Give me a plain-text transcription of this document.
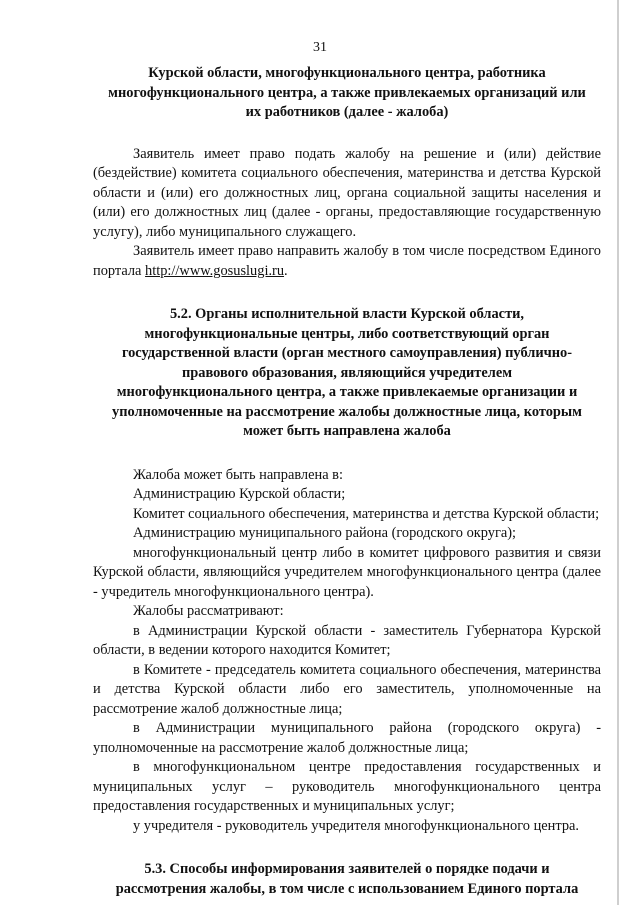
31
Курской области, многофункционального центра, работника
многофункционального центра, а также привлекаемых организаций или
их работников (далее - жалоба)

Заявитель имеет право подать жалобу на решение и (или) действие (бездействие) комитета социального обеспечения, материнства и детства Курской области и (или) его должностных лиц, органа социальной защиты населения и (или) его должностных лиц (далее - органы, предоставляющие государственную услугу), либо муниципального служащего.

Заявитель имеет право направить жалобу в том числе посредством Единого портала http://www.gosuslugi.ru.

5.2. Органы исполнительной власти Курской области,
многофункциональные центры, либо соответствующий орган
государственной власти (орган местного самоуправления) публично-
правового образования, являющийся учредителем
многофункционального центра, а также привлекаемые организации и
уполномоченные на рассмотрение жалобы должностные лица, которым
может быть направлена жалоба

Жалоба может быть направлена в:

Администрацию Курской области;

Комитет социального обеспечения, материнства и детства Курской области;

Администрацию муниципального района (городского округа);

многофункциональный центр либо в комитет цифрового развития и связи Курской области, являющийся учредителем многофункционального центра (далее - учредитель многофункционального центра).

Жалобы рассматривают:

в Администрации Курской области - заместитель Губернатора Курской области, в ведении которого находится Комитет;

в Комитете - председатель комитета социального обеспечения, материнства и детства Курской области либо его заместитель, уполномоченные на рассмотрение жалоб должностные лица;

в Администрации муниципального района (городского округа) - уполномоченные на рассмотрение жалоб должностные лица;

в многофункциональном центре предоставления государственных и муниципальных услуг – руководитель многофункционального центра предоставления государственных и муниципальных услуг;

у учредителя - руководитель учредителя многофункционального центра.

5.3. Способы информирования заявителей о порядке подачи и
рассмотрения жалобы, в том числе с использованием Единого портала
